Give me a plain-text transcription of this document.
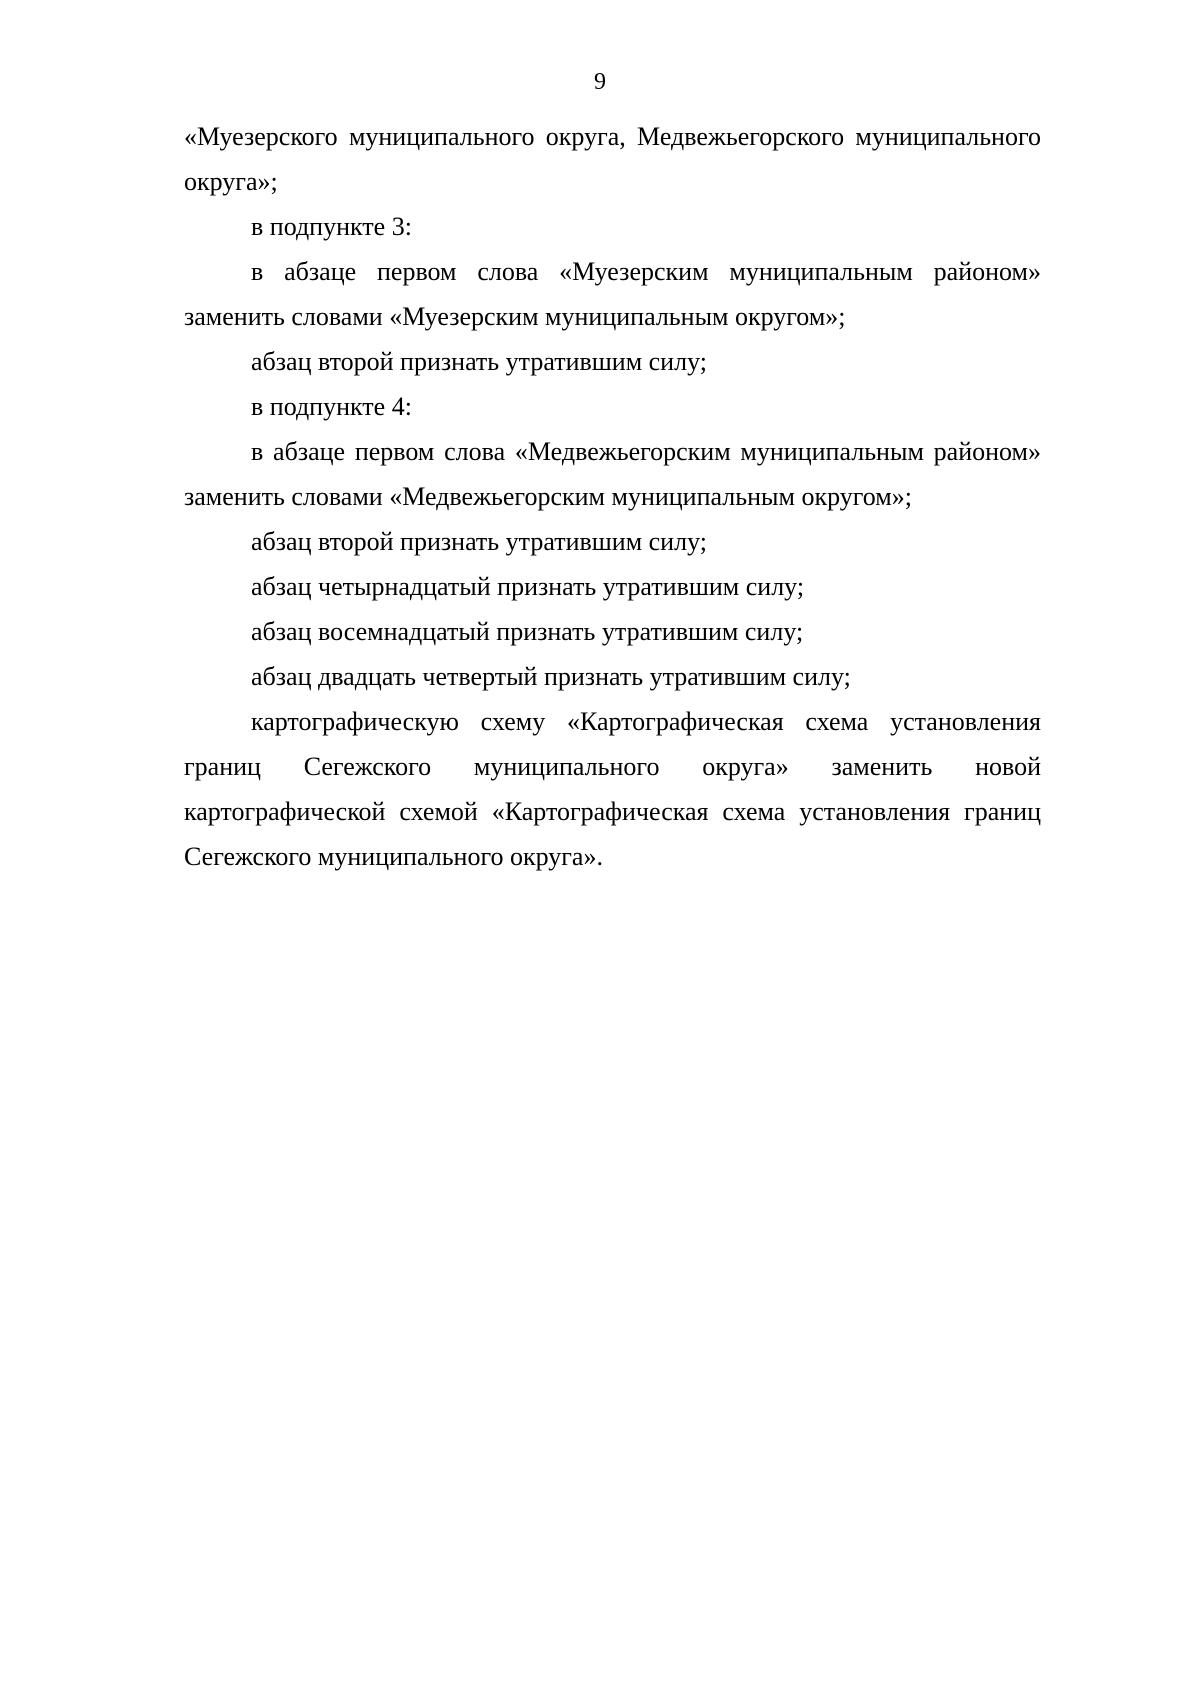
9

«Муезерского муниципального округа, Медвежьегорского муниципального округа»;

в подпункте 3:

в абзаце первом слова «Муезерским муниципальным районом» заменить словами «Муезерским муниципальным округом»;

абзац второй признать утратившим силу;

в подпункте 4:

в абзаце первом слова «Медвежьегорским муниципальным районом» заменить словами «Медвежьегорским муниципальным округом»;

абзац второй признать утратившим силу;

абзац четырнадцатый признать утратившим силу;

абзац восемнадцатый признать утратившим силу;

абзац двадцать четвертый признать утратившим силу;

картографическую схему «Картографическая схема установления границ Сегежского муниципального округа» заменить новой картографической схемой «Картографическая схема установления границ Сегежского муниципального округа».
